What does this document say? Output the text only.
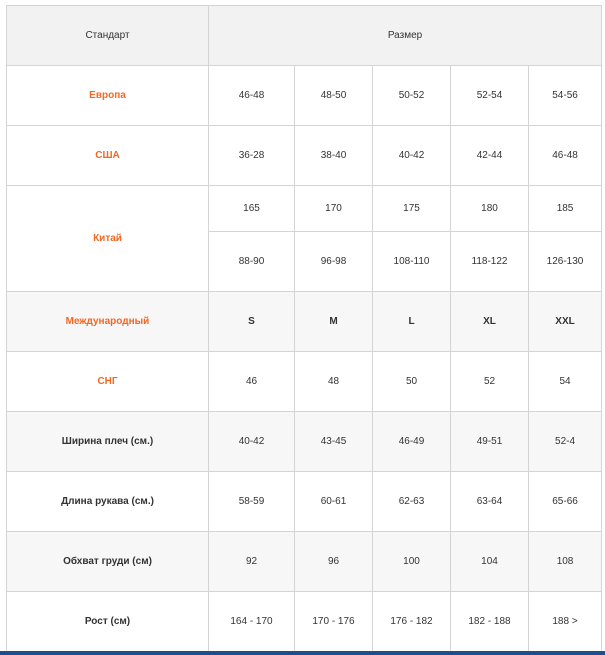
Стандарт	Размер				
Европа	46-48	48-50	50-52	52-54	54-56
США	36-28	38-40	40-42	42-44	46-48
Китай	165	170	175	180	185
	88-90	96-98	108-110	118-122	126-130
Международный	S	M	L	XL	XXL
СНГ	46	48	50	52	54
Ширина плеч (см.)	40-42	43-45	46-49	49-51	52-4
Длина рукава (см.)	58-59	60-61	62-63	63-64	65-66
Обхват груди (см)	92	96	100	104	108
Рост (см)	164 - 170	170 - 176	176 - 182	182 - 188	188 >
